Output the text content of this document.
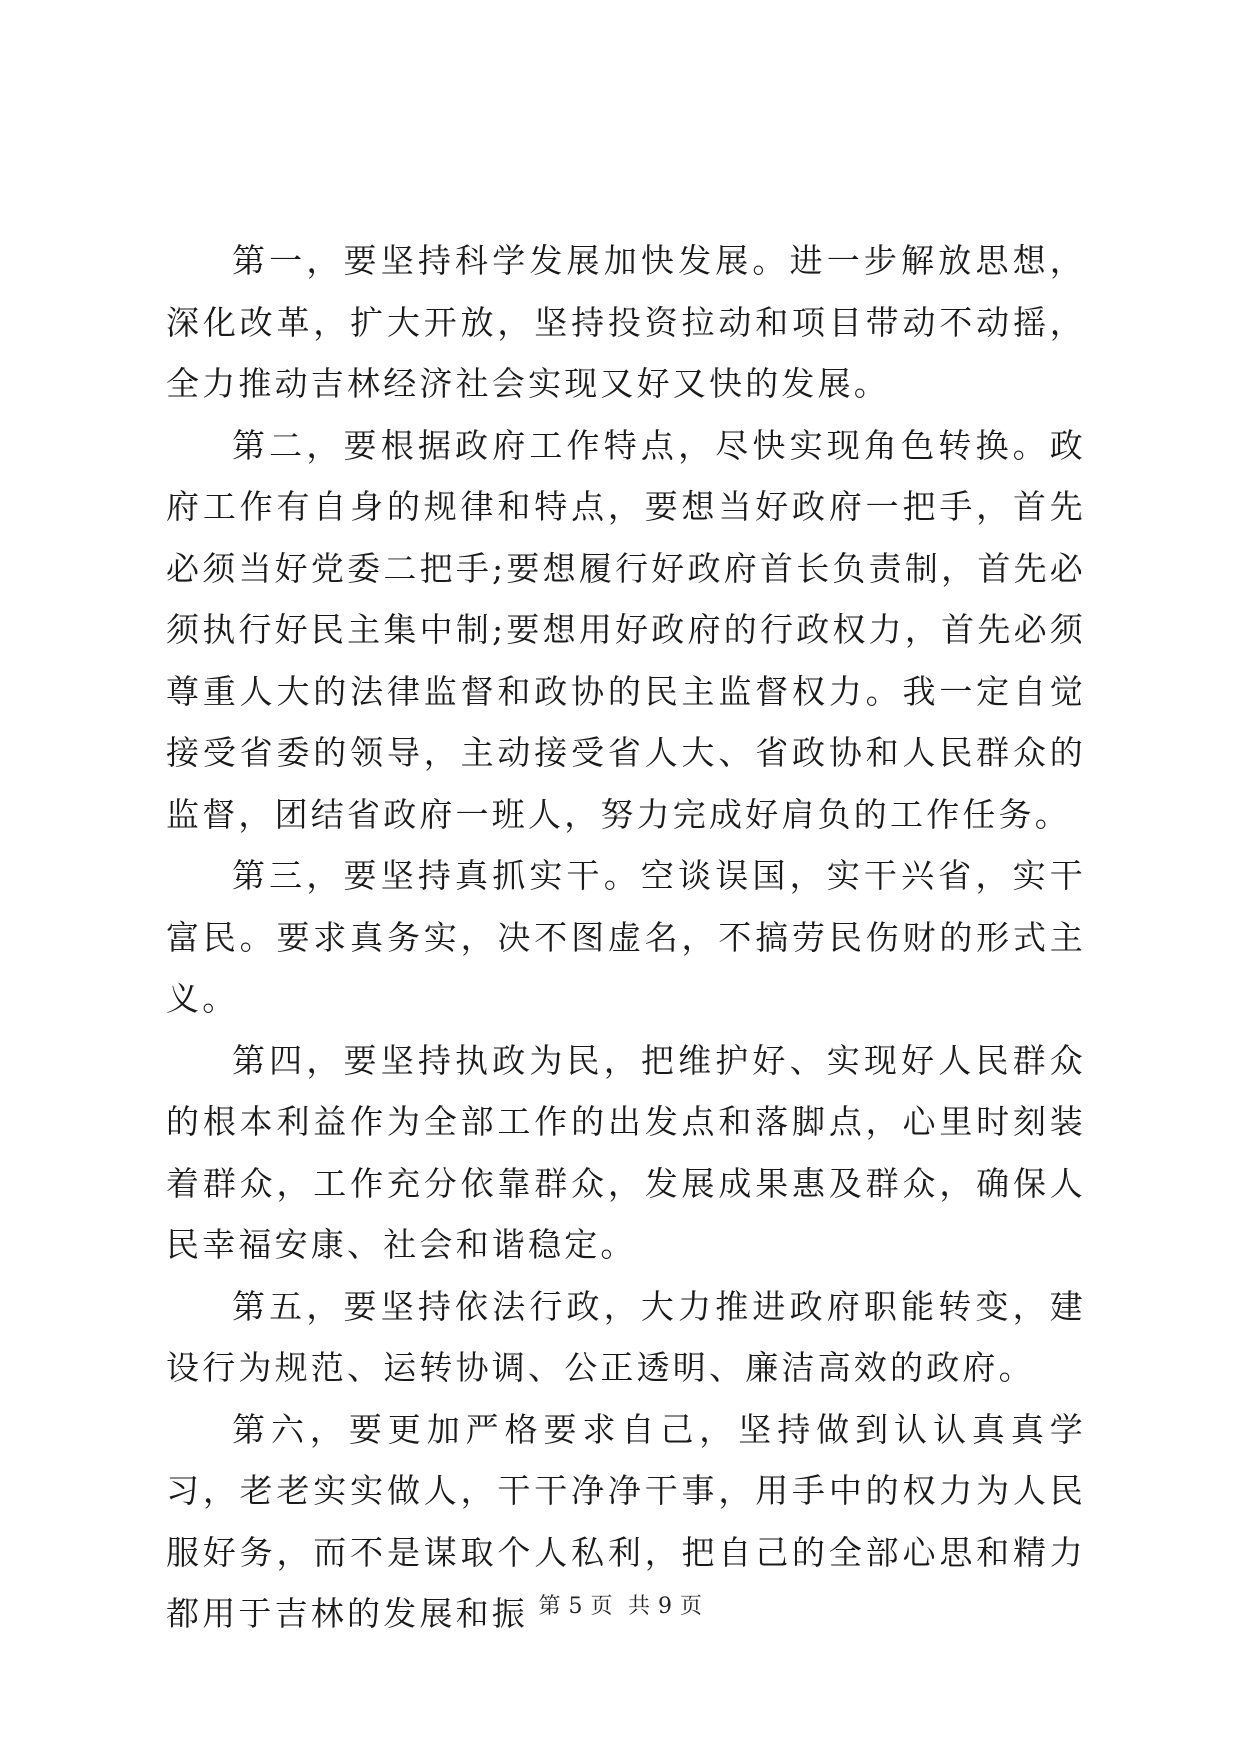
第一，要坚持科学发展加快发展。进一步解放思想，深化改革，扩大开放，坚持投资拉动和项目带动不动摇，全力推动吉林经济社会实现又好又快的发展。

第二，要根据政府工作特点，尽快实现角色转换。政府工作有自身的规律和特点，要想当好政府一把手，首先必须当好党委二把手;要想履行好政府首长负责制，首先必须执行好民主集中制;要想用好政府的行政权力，首先必须尊重人大的法律监督和政协的民主监督权力。我一定自觉接受省委的领导，主动接受省人大、省政协和人民群众的监督，团结省政府一班人，努力完成好肩负的工作任务。

第三，要坚持真抓实干。空谈误国，实干兴省，实干富民。要求真务实，决不图虚名，不搞劳民伤财的形式主义。

第四，要坚持执政为民，把维护好、实现好人民群众的根本利益作为全部工作的出发点和落脚点，心里时刻装着群众，工作充分依靠群众，发展成果惠及群众，确保人民幸福安康、社会和谐稳定。

第五，要坚持依法行政，大力推进政府职能转变，建设行为规范、运转协调、公正透明、廉洁高效的政府。

第六，要更加严格要求自己，坚持做到认认真真学习，老老实实做人，干干净净干事，用手中的权力为人民服好务，而不是谋取个人私利，把自己的全部心思和精力都用于吉林的发展和振 第 5 页  共 9 页
